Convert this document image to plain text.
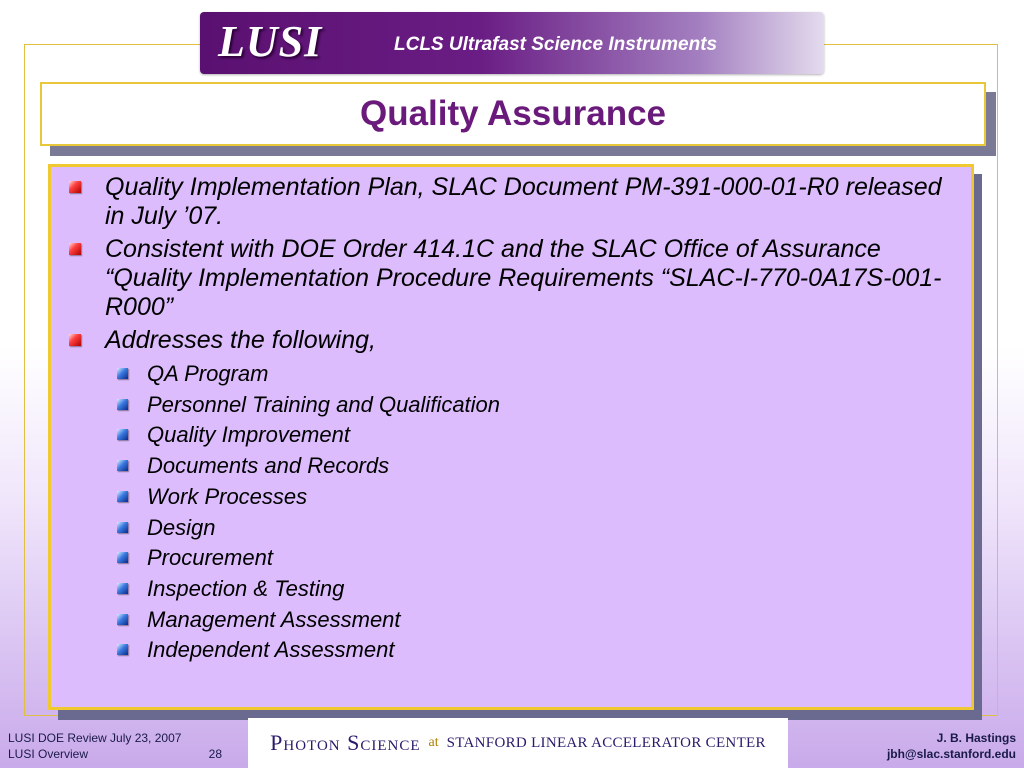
LUSI	LCLS Ultrafast Science Instruments
Quality Assurance
Quality Implementation Plan, SLAC Document PM-391-000-01-R0 released in July ’07.
Consistent with DOE Order 414.1C and the SLAC Office of Assurance “Quality Implementation Procedure Requirements “SLAC-I-770-0A17S-001-R000”
Addresses the following,
QA Program
Personnel Training and Qualification
Quality Improvement
Documents and Records
Work Processes
Design
Procurement
Inspection & Testing
Management Assessment
Independent Assessment
LUSI DOE Review July 23, 2007
LUSI Overview	28 Photon Science at STANFORD LINEAR ACCELERATOR CENTER	J. B. Hastings
jbh@slac.stanford.edu
